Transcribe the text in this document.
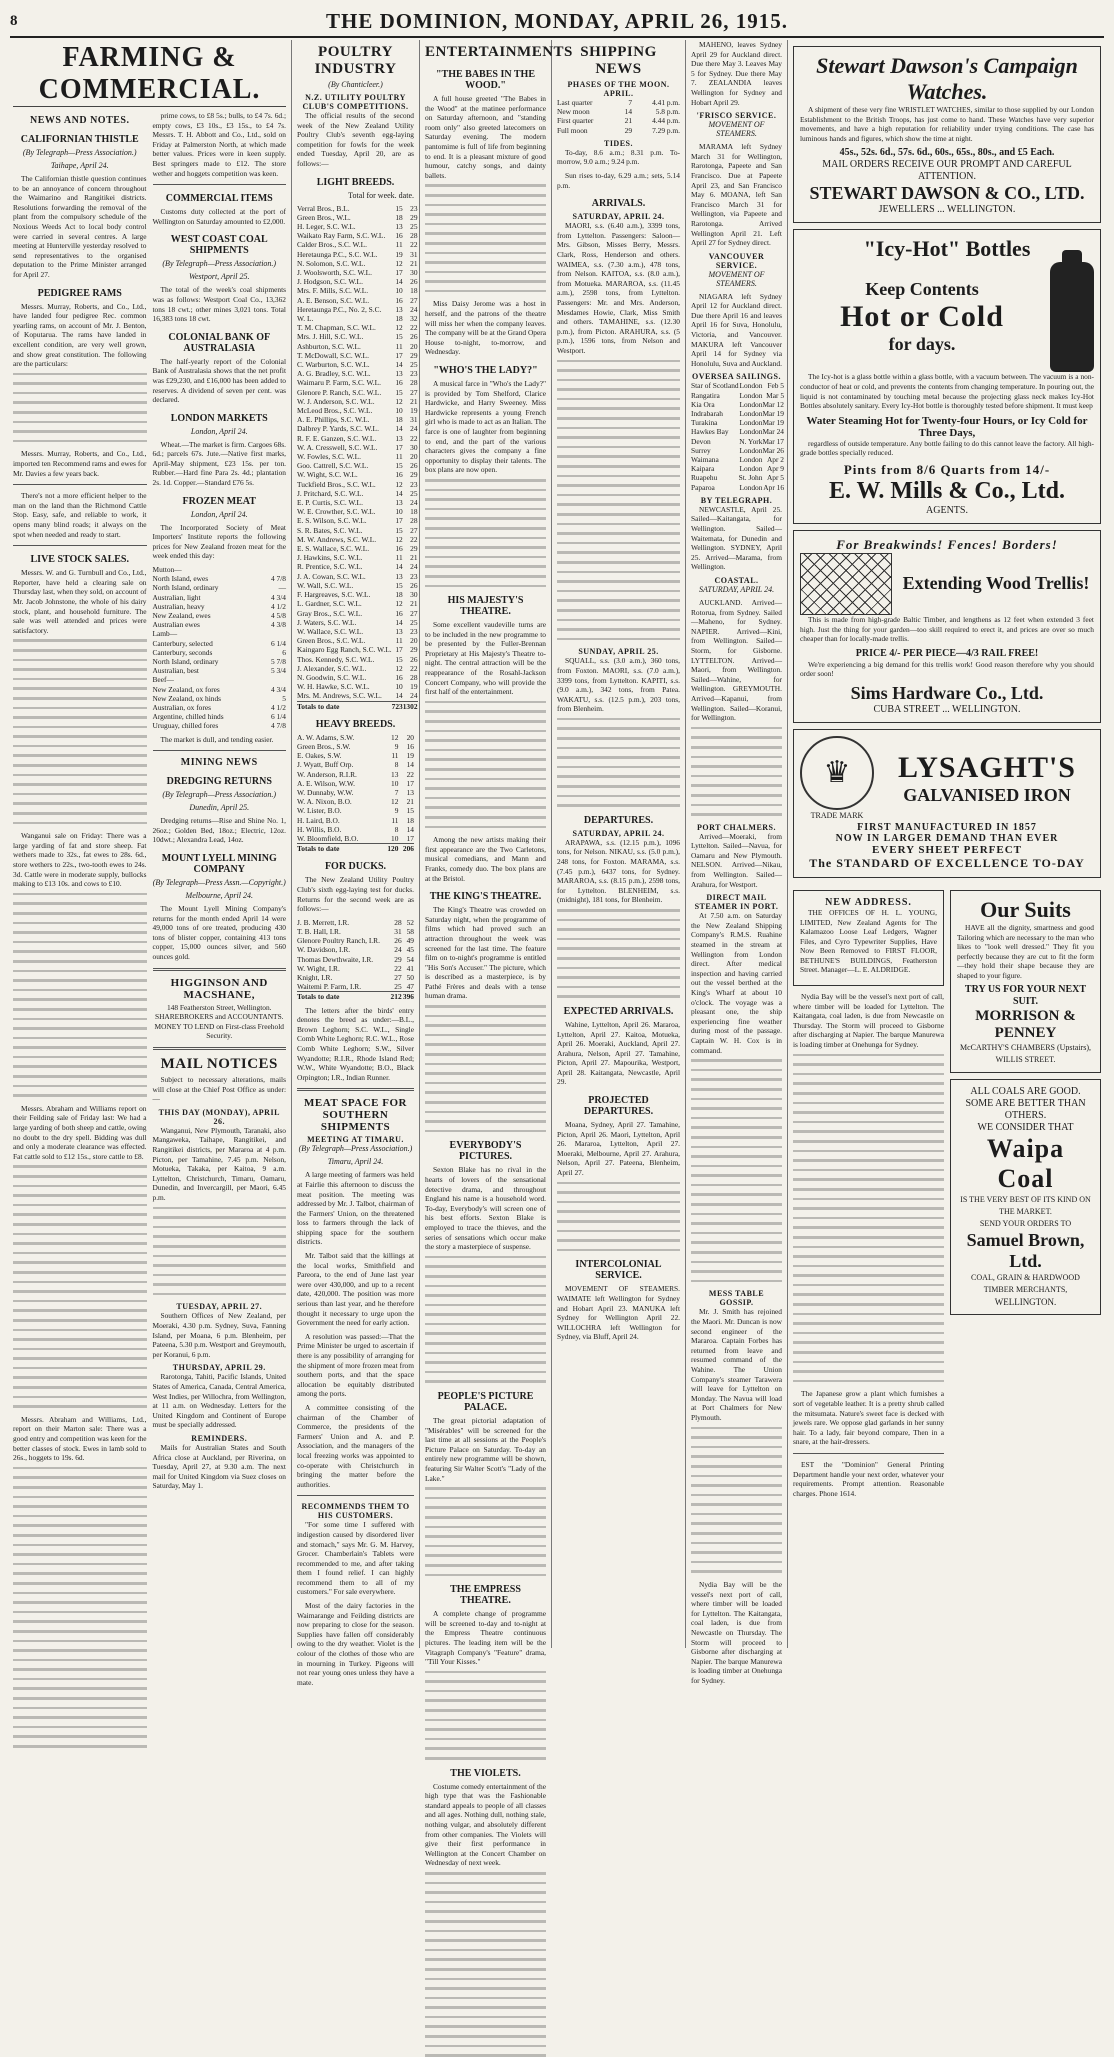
8	THE DOMINION, MONDAY, APRIL 26, 1915.
FARMING & COMMERCIAL.
NEWS AND NOTES.
CALIFORNIAN THISTLE
(By Telegraph—Press Association.)
Taihape, April 24.

The Californian thistle question continues to be an annoyance of concern throughout the Waimarino and Rangitikei districts. Resolutions forwarding the removal of the plant from the compulsory schedule of the Noxious Weeds Act to local body control were carried in several centres. A large meeting at Hunterville yesterday resolved to send representatives to the organised deputation to the Prime Minister arranged for April 27.

PEDIGREE RAMS

Messrs. Murray, Roberts, and Co., Ltd., have landed four pedigree Rec. common yearling rams, on account of Mr. J. Benton, of Koputarua. The rams have landed in excellent condition, are very well grown, and show great constitution. The following are the particulars:

Messrs. Murray, Roberts, and Co., Ltd., imported ten Recommend rams and ewes for Mr. Davies a few years back.

There's not a more efficient helper to the man on the land than the Richmond Cattle Stop. Easy, safe, and reliable to work, it opens many blind roads; it always on the spot when needed and ready to start.

LIVE STOCK SALES.

Messrs. W. and G. Turnbull and Co., Ltd., Reporter, have held a clearing sale on Thursday last, when they sold, on account of Mr. Jacob Johnstone, the whole of his dairy stock, plant, and household furniture. The sale was well attended and prices were satisfactory.

Wanganui sale on Friday: There was a large yarding of fat and store sheep. Fat wethers made to 32s., fat ewes to 28s. 6d., store wethers to 22s., two-tooth ewes to 24s. 3d. Cattle were in moderate supply, bullocks making to £13 10s. and cows to £10.

Messrs. Abraham and Williams report on their Feilding sale of Friday last: We had a large yarding of both sheep and cattle, owing no doubt to the dry spell. Bidding was dull and only a moderate clearance was effected. Fat cattle sold to £12 15s., store cattle to £8.

Messrs. Abraham and Williams, Ltd., report on their Marton sale: There was a good entry and competition was keen for the better classes of stock. Ewes in lamb sold to 26s., hoggets to 19s. 6d.

prime cows, to £8 5s.; bulls, to £4 7s. 6d.; empty cows, £3 10s., £3 15s., to £4 7s. Messrs. T. H. Abbott and Co., Ltd., sold on Friday at Palmerston North, at which made better values. Prices were in keen supply. Best springers made to £12. The store wether and hoggets competition was keen.

COMMERCIAL ITEMS

Customs duty collected at the port of Wellington on Saturday amounted to £2,000.

WEST COAST COAL SHIPMENTS
(By Telegraph—Press Association.)
Westport, April 25.

The total of the week's coal shipments was as follows: Westport Coal Co., 13,362 tons 18 cwt.; other mines 3,021 tons. Total 16,383 tons 18 cwt.

COLONIAL BANK OF AUSTRALASIA

The half-yearly report of the Colonial Bank of Australasia shows that the net profit was £29,230, and £16,000 has been added to reserves. A dividend of seven per cent. was declared.

LONDON MARKETS
London, April 24.

Wheat.—The market is firm. Cargoes 68s. 6d.; parcels 67s. Jute.—Native first marks, April-May shipment, £23 15s. per ton. Rubber.—Hard fine Para 2s. 4d.; plantation 2s. 1d. Copper.—Standard £76 5s.

FROZEN MEAT
London, April 24.

The Incorporated Society of Meat Importers' Institute reports the following prices for New Zealand frozen meat for the week ended this day:

Mutton—	
North Island, ewes	4 7/8
North Island, ordinary	—
Australian, light	4 3/4
Australian, heavy	4 1/2
New Zealand, ewes	4 5/8
Australian ewes	4 3/8
Lamb—	
Canterbury, selected	6 1/4
Canterbury, seconds	6
North Island, ordinary	5 7/8
Australian, best	5 3/4
Beef—	
New Zealand, ox fores	4 3/4
New Zealand, ox hinds	5
Australian, ox fores	4 1/2
Argentine, chilled hinds	6 1/4
Uruguay, chilled fores	4 7/8

The market is dull, and tending easier.

MINING NEWS
DREDGING RETURNS
(By Telegraph—Press Association.)
Dunedin, April 25.

Dredging returns—Rise and Shine No. 1, 26oz.; Golden Bed, 18oz.; Electric, 12oz. 10dwt.; Alexandra Lead, 14oz.

MOUNT LYELL MINING COMPANY
(By Telegraph—Press Assn.—Copyright.)
Melbourne, April 24.

The Mount Lyell Mining Company's returns for the month ended April 14 were 49,000 tons of ore treated, producing 430 tons of blister copper, containing 413 tons copper, 15,000 ounces silver, and 560 ounces gold.

HIGGINSON AND MACSHANE,

148 Featherston Street, Wellington. SHAREBROKERS and ACCOUNTANTS. MONEY TO LEND on First-class Freehold Security.

MAIL NOTICES

Subject to necessary alterations, mails will close at the Chief Post Office as under:—

THIS DAY (MONDAY), APRIL 26.

Wanganui, New Plymouth, Taranaki, also Mangaweka, Taihape, Rangitikei, and Rangitikei districts, per Mararoa at 4 p.m. Picton, per Tamahine, 7.45 p.m. Nelson, Motueka, Takaka, per Kaitoa, 9 a.m. Lyttelton, Christchurch, Timaru, Oamaru, Dunedin, and Invercargill, per Maori, 6.45 p.m.

TUESDAY, APRIL 27.

Southern Offices of New Zealand, per Moeraki, 4.30 p.m. Sydney, Suva, Fanning Island, per Moana, 6 p.m. Blenheim, per Pateena, 5.30 p.m. Westport and Greymouth, per Koranui, 6 p.m.

THURSDAY, APRIL 29.

Rarotonga, Tahiti, Pacific Islands, United States of America, Canada, Central America, West Indies, per Willochra, from Wellington, at 11 a.m. on Wednesday. Letters for the United Kingdom and Continent of Europe must be specially addressed.

REMINDERS.

Mails for Australian States and South Africa close at Auckland, per Riverina, on Tuesday, April 27, at 9.30 a.m. The next mail for United Kingdom via Suez closes on Saturday, May 1.

POULTRY INDUSTRY
(By Chanticleer.)
N.Z. UTILITY POULTRY CLUB'S COMPETITIONS.

The official results of the second week of the New Zealand Utility Poultry Club's seventh egg-laying competition for fowls for the week ended Tuesday, April 20, are as follows:—

LIGHT BREEDS.
Total for week. date.
Verral Bros., B.L.	15	23
Green Bros., W.L.	18	29
H. Leger, S.C. W.L.	13	25
Waikato Ray Farm, S.C. W.L.	16	28
Calder Bros., S.C. W.L.	11	22
Heretaunga P.C., S.C. W.L.	19	31
N. Solomon, S.C. W.L.	12	21
J. Woolsworth, S.C. W.L.	17	30
J. Hodgson, S.C. W.L.	14	26
Mrs. F. Mills, S.C. W.L.	10	18
A. E. Benson, S.C. W.L.	16	27
Heretaunga P.C., No. 2, S.C.	13	24
W. L.	18	32
T. M. Chapman, S.C. W.L.	12	22
Mrs. J. Hill, S.C. W.L.	15	26
Ashburton, S.C. W.L.	11	20
T. McDowall, S.C. W.L.	17	29
C. Warburton, S.C. W.L.	14	25
A. G. Bradley, S.C. W.L.	13	23
Waimaru P. Farm, S.C. W.L.	16	28
Glenore P. Ranch, S.C. W.L.	15	27
W. J. Anderson, S.C. W.L.	12	21
McLeod Bros., S.C. W.L.	10	19
A. E. Phillips, S.C. W.L.	18	31
Dalbrey P. Yards, S.C. W.L.	14	24
R. F. E. Ganzen, S.C. W.L.	13	22
W. A. Cresswell, S.C. W.L.	17	30
W. Fowles, S.C. W.L.	11	20
Goo. Cattrell, S.C. W.L.	15	26
W. Wight, S.C. W.L.	16	29
Tuckfield Bros., S.C. W.L.	12	23
J. Pritchard, S.C. W.L.	14	25
E. P. Curtis, S.C. W.L.	13	24
W. E. Crowther, S.C. W.L.	10	18
E. S. Wilson, S.C. W.L.	17	28
S. R. Bates, S.C. W.L.	15	27
M. W. Andrews, S.C. W.L.	12	22
E. S. Wallace, S.C. W.L.	16	29
J. Hawkins, S.C. W.L.	11	21
R. Prentice, S.C. W.L.	14	24
J. A. Cowan, S.C. W.L.	13	23
W. Wall, S.C. W.L.	15	26
F. Hargreaves, S.C. W.L.	18	30
L. Gardner, S.C. W.L.	12	21
Gray Bros., S.C. W.L.	16	27
J. Waters, S.C. W.L.	14	25
W. Wallace, S.C. W.L.	13	23
Green Bros., S.C. W.L.	11	20
Kaingaro Egg Ranch, S.C. W.L.	17	29
Thos. Kennedy, S.C. W.L.	15	26
J. Alexander, S.C. W.L.	12	22
N. Goodwin, S.C. W.L.	16	28
W. H. Hawke, S.C. W.L.	10	19
Mrs. M. Andrews, S.C. W.L.	14	24
Totals to date	723	1302
HEAVY BREEDS.
A. W. Adams, S.W.	12	20
Green Bros., S.W.	9	16
E. Oakes, S.W.	11	19
J. Wyatt, Buff Orp.	8	14
W. Anderson, R.I.R.	13	22
A. E. Wilson, W.W.	10	17
W. Dunnaby, W.W.	7	13
W. A. Nixon, B.O.	12	21
W. Lister, B.O.	9	15
H. Laird, B.O.	11	18
H. Willis, B.O.	8	14
W. Bloomfield, B.O.	10	17
Totals to date	120	206
FOR DUCKS.

The New Zealand Utility Poultry Club's sixth egg-laying test for ducks. Returns for the second week are as follows:—

J. B. Merrett, I.R.	28	52
T. B. Hall, I.R.	31	58
Glenore Poultry Ranch, I.R.	26	49
W. Davidson, I.R.	24	45
Thomas Dewthwaite, I.R.	29	54
W. Wight, I.R.	22	41
Knight, I.R.	27	50
Waitemi P. Farm, I.R.	25	47
Totals to date	212	396

The letters after the birds' entry denotes the breed as under:—B.L., Brown Leghorn; S.C. W.L., Single Comb White Leghorn; R.C. W.L., Rose Comb White Leghorn; S.W., Silver Wyandotte; R.I.R., Rhode Island Red; W.W., White Wyandotte; B.O., Black Orpington; I.R., Indian Runner.

MEAT SPACE FOR SOUTHERN SHIPMENTS
MEETING AT TIMARU.
(By Telegraph—Press Association.)
Timaru, April 24.

A large meeting of farmers was held at Fairlie this afternoon to discuss the meat position. The meeting was addressed by Mr. J. Talbot, chairman of the Farmers' Union, on the threatened loss to farmers through the lack of shipping space for the southern districts.

Mr. Talbot said that the killings at the local works, Smithfield and Pareora, to the end of June last year were over 430,000, and up to a recent date, 420,000. The position was more serious than last year, and he therefore thought it necessary to urge upon the Government the need for early action.

A resolution was passed:—That the Prime Minister be urged to ascertain if there is any possibility of arranging for the shipment of more frozen meat from southern ports, and that the space allocation be equitably distributed among the ports.

A committee consisting of the chairman of the Chamber of Commerce, the presidents of the Farmers' Union and A. and P. Association, and the managers of the local freezing works was appointed to co-operate with Christchurch in bringing the matter before the authorities.

RECOMMENDS THEM TO HIS CUSTOMERS.

"For some time I suffered with indigestion caused by disordered liver and stomach," says Mr. G. M. Harvey, Grocer. Chamberlain's Tablets were recommended to me, and after taking them I found relief. I can highly recommend them to all of my customers." For sale everywhere.

Most of the dairy factories in the Waimarange and Feilding districts are now preparing to close for the season. Supplies have fallen off considerably owing to the dry weather. Violet is the colour of the clothes of those who are in mourning in Turkey. Pigeons will not rear young ones unless they have a mate.

ENTERTAINMENTS
"THE BABES IN THE WOOD."

A full house greeted "The Babes in the Wood" at the matinee performance on Saturday afternoon, and "standing room only" also greeted latecomers on Saturday evening. The modern pantomime is full of life from beginning to end. It is a pleasant mixture of good humour, catchy songs, and dainty ballets.

Miss Daisy Jerome was a host in herself, and the patrons of the theatre will miss her when the company leaves. The company will be at the Grand Opera House to-night, to-morrow, and Wednesday.

"WHO'S THE LADY?"

A musical farce in "Who's the Lady?" is provided by Tom Shelford, Clarice Hardwicke, and Harry Sweeney. Miss Hardwicke represents a young French girl who is made to act as an Italian. The farce is one of laughter from beginning to end, and the part of the various characters gives the company a fine opportunity to display their talents. The box plans are now open.

HIS MAJESTY'S THEATRE.

Some excellent vaudeville turns are to be included in the new programme to be presented by the Fuller-Brennan Proprietary at His Majesty's Theatre to-night. The central attraction will be the reappearance of the Rosahl-Jackson Concert Company, who will provide the first half of the entertainment.

Among the new artists making their first appearance are the Two Carletons, musical comedians, and Mann and Franks, comedy duo. The box plans are at the Bristol.

THE KING'S THEATRE.

The King's Theatre was crowded on Saturday night, when the programme of films which had proved such an attraction throughout the week was screened for the last time. The feature film on to-night's programme is entitled "His Son's Accuser." The picture, which is described as a masterpiece, is by Pathé Frères and deals with a tense human drama.

EVERYBODY'S PICTURES.

Sexton Blake has no rival in the hearts of lovers of the sensational detective drama, and throughout England his name is a household word. To-day, Everybody's will screen one of his best efforts. Sexton Blake is employed to trace the thieves, and the series of sensations which occur make the story a masterpiece of suspense.

PEOPLE'S PICTURE PALACE.

The great pictorial adaptation of "Misérables" will be screened for the last time at all sessions at the People's Picture Palace on Saturday. To-day an entirely new programme will be shown, featuring Sir Walter Scott's "Lady of the Lake."

THE EMPRESS THEATRE.

A complete change of programme will be screened to-day and to-night at the Empress Theatre continuous pictures. The leading item will be the Vitagraph Company's "Feature" drama, "Till Your Kisses."

THE VIOLETS.

Costume comedy entertainment of the high type that was the Fashionable standard appeals to people of all classes and all ages. Nothing dull, nothing stale, nothing vulgar, and absolutely different from other companies. The Violets will give their first performance in Wellington at the Concert Chamber on Wednesday of next week.

SHIPPING NEWS
PHASES OF THE MOON. APRIL.
Last quarter	7	4.41 p.m.
New moon	14	5.8 p.m.
First quarter	21	4.44 p.m.
Full moon	29	7.29 p.m.
TIDES.

To-day, 8.6 a.m.; 8.31 p.m. To-morrow, 9.0 a.m.; 9.24 p.m.

Sun rises to-day, 6.29 a.m.; sets, 5.14 p.m.

ARRIVALS.
SATURDAY, APRIL 24.

MAORI, s.s. (6.40 a.m.), 3399 tons, from Lyttelton. Passengers: Saloon—Mrs. Gibson, Misses Berry, Messrs. Clark, Ross, Henderson and others. WAIMEA, s.s. (7.30 a.m.), 478 tons, from Nelson. KAITOA, s.s. (8.0 a.m.), from Motueka. MARAROA, s.s. (11.45 a.m.), 2598 tons, from Lyttelton. Passengers: Mr. and Mrs. Anderson, Mesdames Howie, Clark, Miss Smith and others. TAMAHINE, s.s. (12.30 p.m.), from Picton. ARAHURA, s.s. (5 p.m.), 1596 tons, from Nelson and Westport.

SUNDAY, APRIL 25.

SQUALL, s.s. (3.0 a.m.), 360 tons, from Foxton. MAORI, s.s. (7.0 a.m.), 3399 tons, from Lyttelton. KAPITI, s.s. (9.0 a.m.), 342 tons, from Patea. WAKATU, s.s. (12.5 p.m.), 203 tons, from Blenheim.

DEPARTURES.
SATURDAY, APRIL 24.

ARAPAWA, s.s. (12.15 p.m.), 1096 tons, for Nelson. NIKAU, s.s. (5.0 p.m.), 248 tons, for Foxton. MARAMA, s.s. (7.45 p.m.), 6437 tons, for Sydney. MARAROA, s.s. (8.15 p.m.), 2598 tons, for Lyttelton. BLENHEIM, s.s. (midnight), 181 tons, for Blenheim.

EXPECTED ARRIVALS.

Wahine, Lyttelton, April 26. Mararoa, Lyttelton, April 27. Kaitoa, Motueka, April 26. Moeraki, Auckland, April 27. Arahura, Nelson, April 27. Tamahine, Picton, April 27. Mapourika, Westport, April 28. Kaitangata, Newcastle, April 29.

PROJECTED DEPARTURES.

Moana, Sydney, April 27. Tamahine, Picton, April 26. Maori, Lyttelton, April 26. Mararoa, Lyttelton, April 27. Moeraki, Melbourne, April 27. Arahura, Nelson, April 27. Pateena, Blenheim, April 27.

INTERCOLONIAL SERVICE.

MOVEMENT OF STEAMERS. WAIMATE left Wellington for Sydney and Hobart April 23. MANUKA left Sydney for Wellington April 22. WILLOCHRA left Wellington for Sydney, via Bluff, April 24.

MAHENO, leaves Sydney April 29 for Auckland direct. Due there May 3. Leaves May 5 for Sydney. Due there May 7. ZEALANDIA leaves Wellington for Sydney and Hobart April 29.

'FRISCO SERVICE.
MOVEMENT OF STEAMERS.

MARAMA left Sydney March 31 for Wellington, Rarotonga, Papeete and San Francisco. Due at Papeete April 23, and San Francisco May 6. MOANA, left San Francisco March 31 for Wellington, via Papeete and Rarotonga. Arrived Wellington April 21. Left April 27 for Sydney direct.

VANCOUVER SERVICE.
MOVEMENT OF STEAMERS.

NIAGARA left Sydney April 12 for Auckland direct. Due there April 16 and leaves April 16 for Suva, Honolulu, Victoria, and Vancouver. MAKURA left Vancouver April 14 for Sydney via Honolulu, Suva and Auckland.

OVERSEA SAILINGS.
Star of Scotland	London	Feb 5
Rangatira	London	Mar 5
Kia Ora	London	Mar 12
Indrabarah	London	Mar 19
Turakina	London	Mar 19
Hawkes Bay	London	Mar 24
Devon	N. York	Mar 17
Surrey	London	Mar 26
Waimana	London	Apr 2
Kaipara	London	Apr 9
Ruapehu	St. John	Apr 5
Paparoa	London	Apr 16
BY TELEGRAPH.

NEWCASTLE, April 25. Sailed—Kaitangata, for Wellington. Sailed—Waitemata, for Dunedin and Wellington. SYDNEY, April 25. Arrived—Marama, from Wellington.

COASTAL.
SATURDAY, APRIL 24.

AUCKLAND. Arrived—Rotorua, from Sydney. Sailed—Maheno, for Sydney. NAPIER. Arrived—Kini, from Wellington. Sailed—Storm, for Gisborne. LYTTELTON. Arrived—Maori, from Wellington. Sailed—Wahine, for Wellington. GREYMOUTH. Arrived—Kapanui, from Wellington. Sailed—Koranui, for Wellington.

PORT CHALMERS.

Arrived—Moeraki, from Lyttelton. Sailed—Navua, for Oamaru and New Plymouth. NELSON. Arrived—Nikau, from Wellington. Sailed—Arahura, for Westport.

DIRECT MAIL STEAMER IN PORT.

At 7.50 a.m. on Saturday the New Zealand Shipping Company's R.M.S. Ruahine steamed in the stream at Wellington from London direct. After medical inspection and having carried out the vessel berthed at the King's Wharf at about 10 o'clock. The voyage was a pleasant one, the ship experiencing fine weather during most of the passage. Captain W. H. Cox is in command.

MESS TABLE GOSSIP.

Mr. J. Smith has rejoined the Maori. Mr. Duncan is now second engineer of the Mararoa. Captain Forbes has returned from leave and resumed command of the Wahine. The Union Company's steamer Tarawera will leave for Lyttelton on Monday. The Navua will load at Port Chalmers for New Plymouth.

Nydia Bay will be the vessel's next port of call, where timber will be loaded for Lyttelton. The Kaitangata, coal laden, is due from Newcastle on Thursday. The Storm will proceed to Gisborne after discharging at Napier. The barque Manurewa is loading timber at Onehunga for Sydney.

Stewart Dawson's Campaign Watches.

A shipment of these very fine WRISTLET WATCHES, similar to those supplied by our London Establishment to the British Troops, has just come to hand. These Watches have very superior movements, and have a high reputation for reliability under trying conditions. The case has luminous hands and figures, which show the time at night.

45s., 52s. 6d., 57s. 6d., 60s., 65s., 80s., and £5 Each.
MAIL ORDERS RECEIVE OUR PROMPT AND CAREFUL ATTENTION.
STEWART DAWSON & CO., LTD.
JEWELLERS ... WELLINGTON.
"Icy-Hot" Bottles
Keep Contents
Hot or Cold
for days.

The Icy-hot is a glass bottle within a glass bottle, with a vacuum between. The vacuum is a non-conductor of heat or cold, and prevents the contents from changing temperature. In pouring out, the liquid is not contaminated by touching metal because the projecting glass neck makes Icy-Hot Bottles absolutely sanitary. Every Icy-Hot bottle is thoroughly tested before shipment. It must keep

Water Steaming Hot for Twenty-four Hours, or Icy Cold for Three Days,

regardless of outside temperature. Any bottle failing to do this cannot leave the factory. All high-grade bottles specially reduced.

Pints from 8/6 Quarts from 14/-
E. W. Mills & Co., Ltd.
AGENTS.
For Breakwinds! Fences! Borders!
Extending Wood Trellis!

This is made from high-grade Baltic Timber, and lengthens as 12 feet when extended 3 feet high. Just the thing for your garden—too skill required to erect it, and prices are over so much cheaper than for locally-made trellis.

PRICE 4/- PER PIECE—4/3 RAIL FREE!

We're experiencing a big demand for this trellis work! Good reason therefore why you should order soon!

Sims Hardware Co., Ltd.
CUBA STREET ... WELLINGTON.
♛
TRADE MARK
LYSAGHT'S
GALVANISED IRON
FIRST MANUFACTURED IN 1857
NOW IN LARGER DEMAND THAN EVER
EVERY SHEET PERFECT
The STANDARD OF EXCELLENCE TO-DAY
NEW ADDRESS.

THE OFFICES OF H. L. YOUNG, LIMITED, New Zealand Agents for The Kalamazoo Loose Leaf Ledgers, Wagner Files, and Cyro Typewriter Supplies, Have Now Been Removed to FIRST FLOOR, BETHUNE'S BUILDINGS, Featherston Street. Manager—L. E. ALDRIDGE.

Nydia Bay will be the vessel's next port of call, where timber will be loaded for Lyttelton. The Kaitangata, coal laden, is due from Newcastle on Thursday. The Storm will proceed to Gisborne after discharging at Napier. The barque Manurewa is loading timber at Onehunga for Sydney.

The Japanese grow a plant which furnishes a sort of vegetable leather. It is a pretty shrub called the mitsumata. Nature's sweet face is decked with jewels rare. We oppose glad garlands in her sunny hair. To a lady, fair beyond compare, Then in a snare, at the hair-dressers.

EST the "Dominion" General Printing Department handle your next order, whatever your requirements. Prompt attention. Reasonable charges. Phone 1614.

Our Suits

HAVE all the dignity, smartness and good Tailoring which are necessary to the man who likes to "look well dressed." They fit you perfectly because they are cut to fit the form—they hold their shape because they are shaped to your figure.

TRY US FOR YOUR NEXT SUIT.
MORRISON & PENNEY
McCARTHY'S CHAMBERS (Upstairs), WILLIS STREET.
ALL COALS ARE GOOD.
SOME ARE BETTER THAN OTHERS.
WE CONSIDER THAT
Waipa Coal
IS THE VERY BEST OF ITS KIND ON THE MARKET.
SEND YOUR ORDERS TO
Samuel Brown, Ltd.
COAL, GRAIN & HARDWOOD TIMBER MERCHANTS,
WELLINGTON.
